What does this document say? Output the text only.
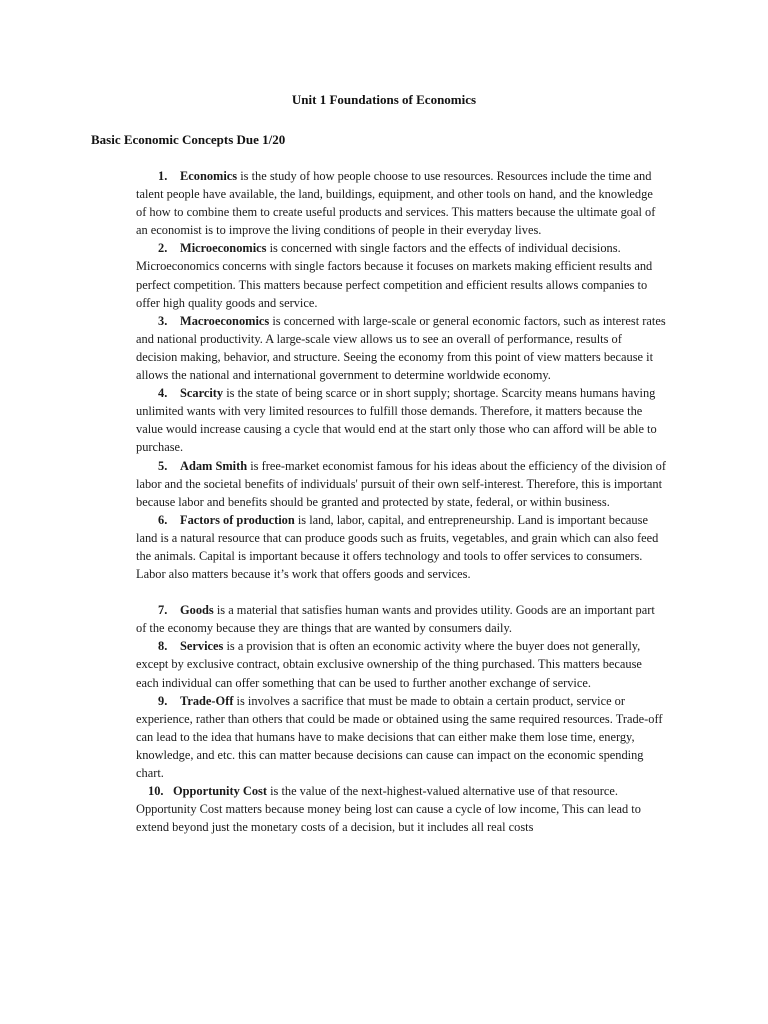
Unit 1 Foundations of Economics
Basic Economic Concepts Due 1/20

1. Economics is the study of how people choose to use resources. Resources include the time and talent people have available, the land, buildings, equipment, and other tools on hand, and the knowledge of how to combine them to create useful products and services. This matters because the ultimate goal of an economist is to improve the living conditions of people in their everyday lives.

2. Microeconomics is concerned with single factors and the effects of individual decisions. Microeconomics concerns with single factors because it focuses on markets making efficient results and perfect competition. This matters because perfect competition and efficient results allows companies to offer high quality goods and service.

3. Macroeconomics is concerned with large-scale or general economic factors, such as interest rates and national productivity. A large-scale view allows us to see an overall of performance, results of decision making, behavior, and structure. Seeing the economy from this point of view matters because it allows the national and international government to determine worldwide economy.

4. Scarcity is the state of being scarce or in short supply; shortage. Scarcity means humans having unlimited wants with very limited resources to fulfill those demands. Therefore, it matters because the value would increase causing a cycle that would end at the start only those who can afford will be able to purchase.

5. Adam Smith is free-market economist famous for his ideas about the efficiency of the division of labor and the societal benefits of individuals' pursuit of their own self-interest. Therefore, this is important because labor and benefits should be granted and protected by state, federal, or within business.

6. Factors of production is land, labor, capital, and entrepreneurship. Land is important because land is a natural resource that can produce goods such as fruits, vegetables, and grain which can also feed the animals. Capital is important because it offers technology and tools to offer services to consumers. Labor also matters because it’s work that offers goods and services.

7. Goods is a material that satisfies human wants and provides utility. Goods are an important part of the economy because they are things that are wanted by consumers daily.

8. Services is a provision that is often an economic activity where the buyer does not generally, except by exclusive contract, obtain exclusive ownership of the thing purchased. This matters because each individual can offer something that can be used to further another exchange of service.

9. Trade-Off is involves a sacrifice that must be made to obtain a certain product, service or experience, rather than others that could be made or obtained using the same required resources. Trade-off can lead to the idea that humans have to make decisions that can either make them lose time, energy, knowledge, and etc. this can matter because decisions can cause can impact on the economic spending chart.

10. Opportunity Cost is the value of the next-highest-valued alternative use of that resource. Opportunity Cost matters because money being lost can cause a cycle of low income, This can lead to extend beyond just the monetary costs of a decision, but it includes all real costs
